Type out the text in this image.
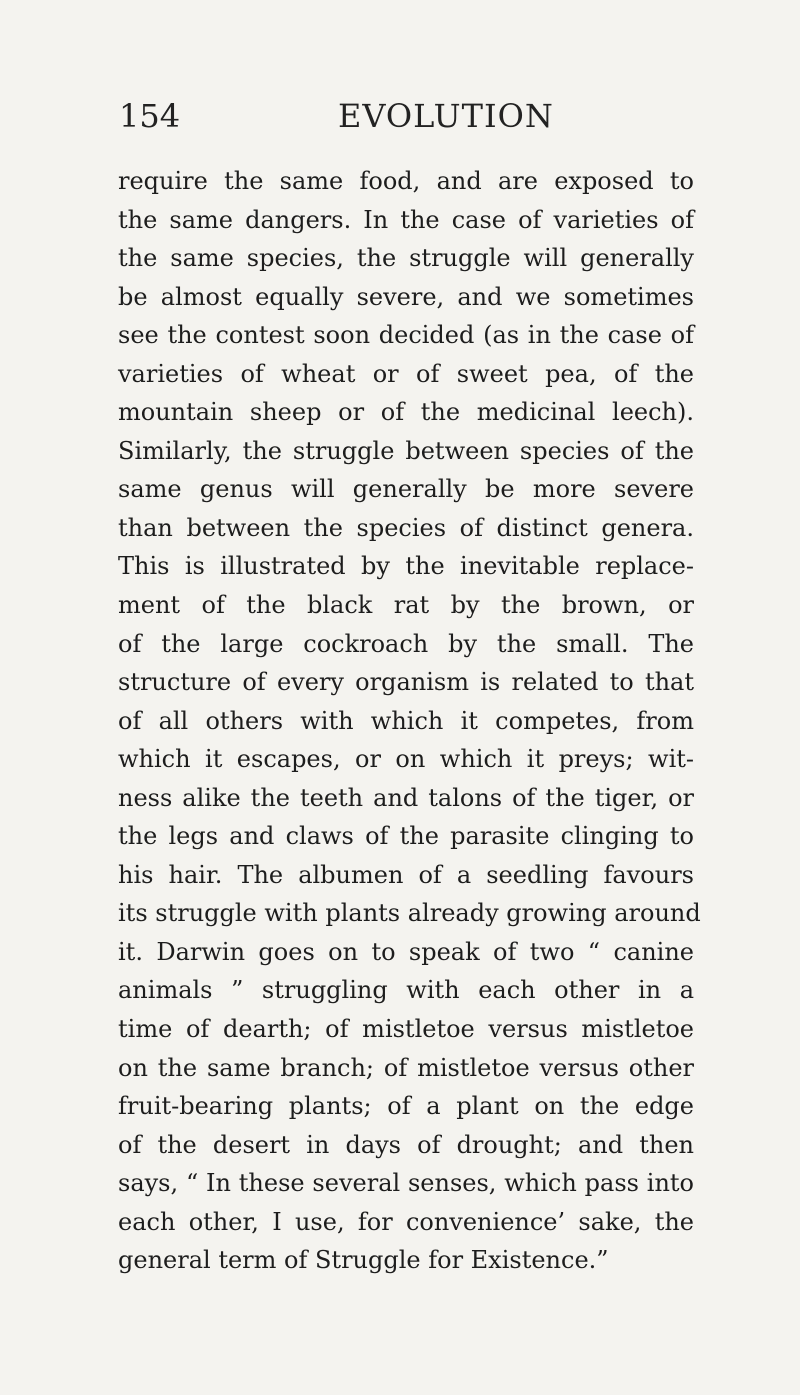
154	EVOLUTION
require the same food, and are exposed to
the same dangers. In the case of varieties of
the same species, the struggle will generally
be almost equally severe, and we sometimes
see the contest soon decided (as in the case of
varieties of wheat or of sweet pea, of the
mountain sheep or of the medicinal leech).
Similarly, the struggle between species of the
same genus will generally be more severe
than between the species of distinct genera.
This is illustrated by the inevitable replace-
ment of the black rat by the brown, or
of the large cockroach by the small. The
structure of every organism is related to that
of all others with which it competes, from
which it escapes, or on which it preys; wit-
ness alike the teeth and talons of the tiger, or
the legs and claws of the parasite clinging to
his hair. The albumen of a seedling favours
its struggle with plants already growing around
it. Darwin goes on to speak of two “ canine
animals ” struggling with each other in a
time of dearth; of mistletoe versus mistletoe
on the same branch; of mistletoe versus other
fruit-bearing plants; of a plant on the edge
of the desert in days of drought; and then
says, “ In these several senses, which pass into
each other, I use, for convenience’ sake, the
general term of Struggle for Existence.”
